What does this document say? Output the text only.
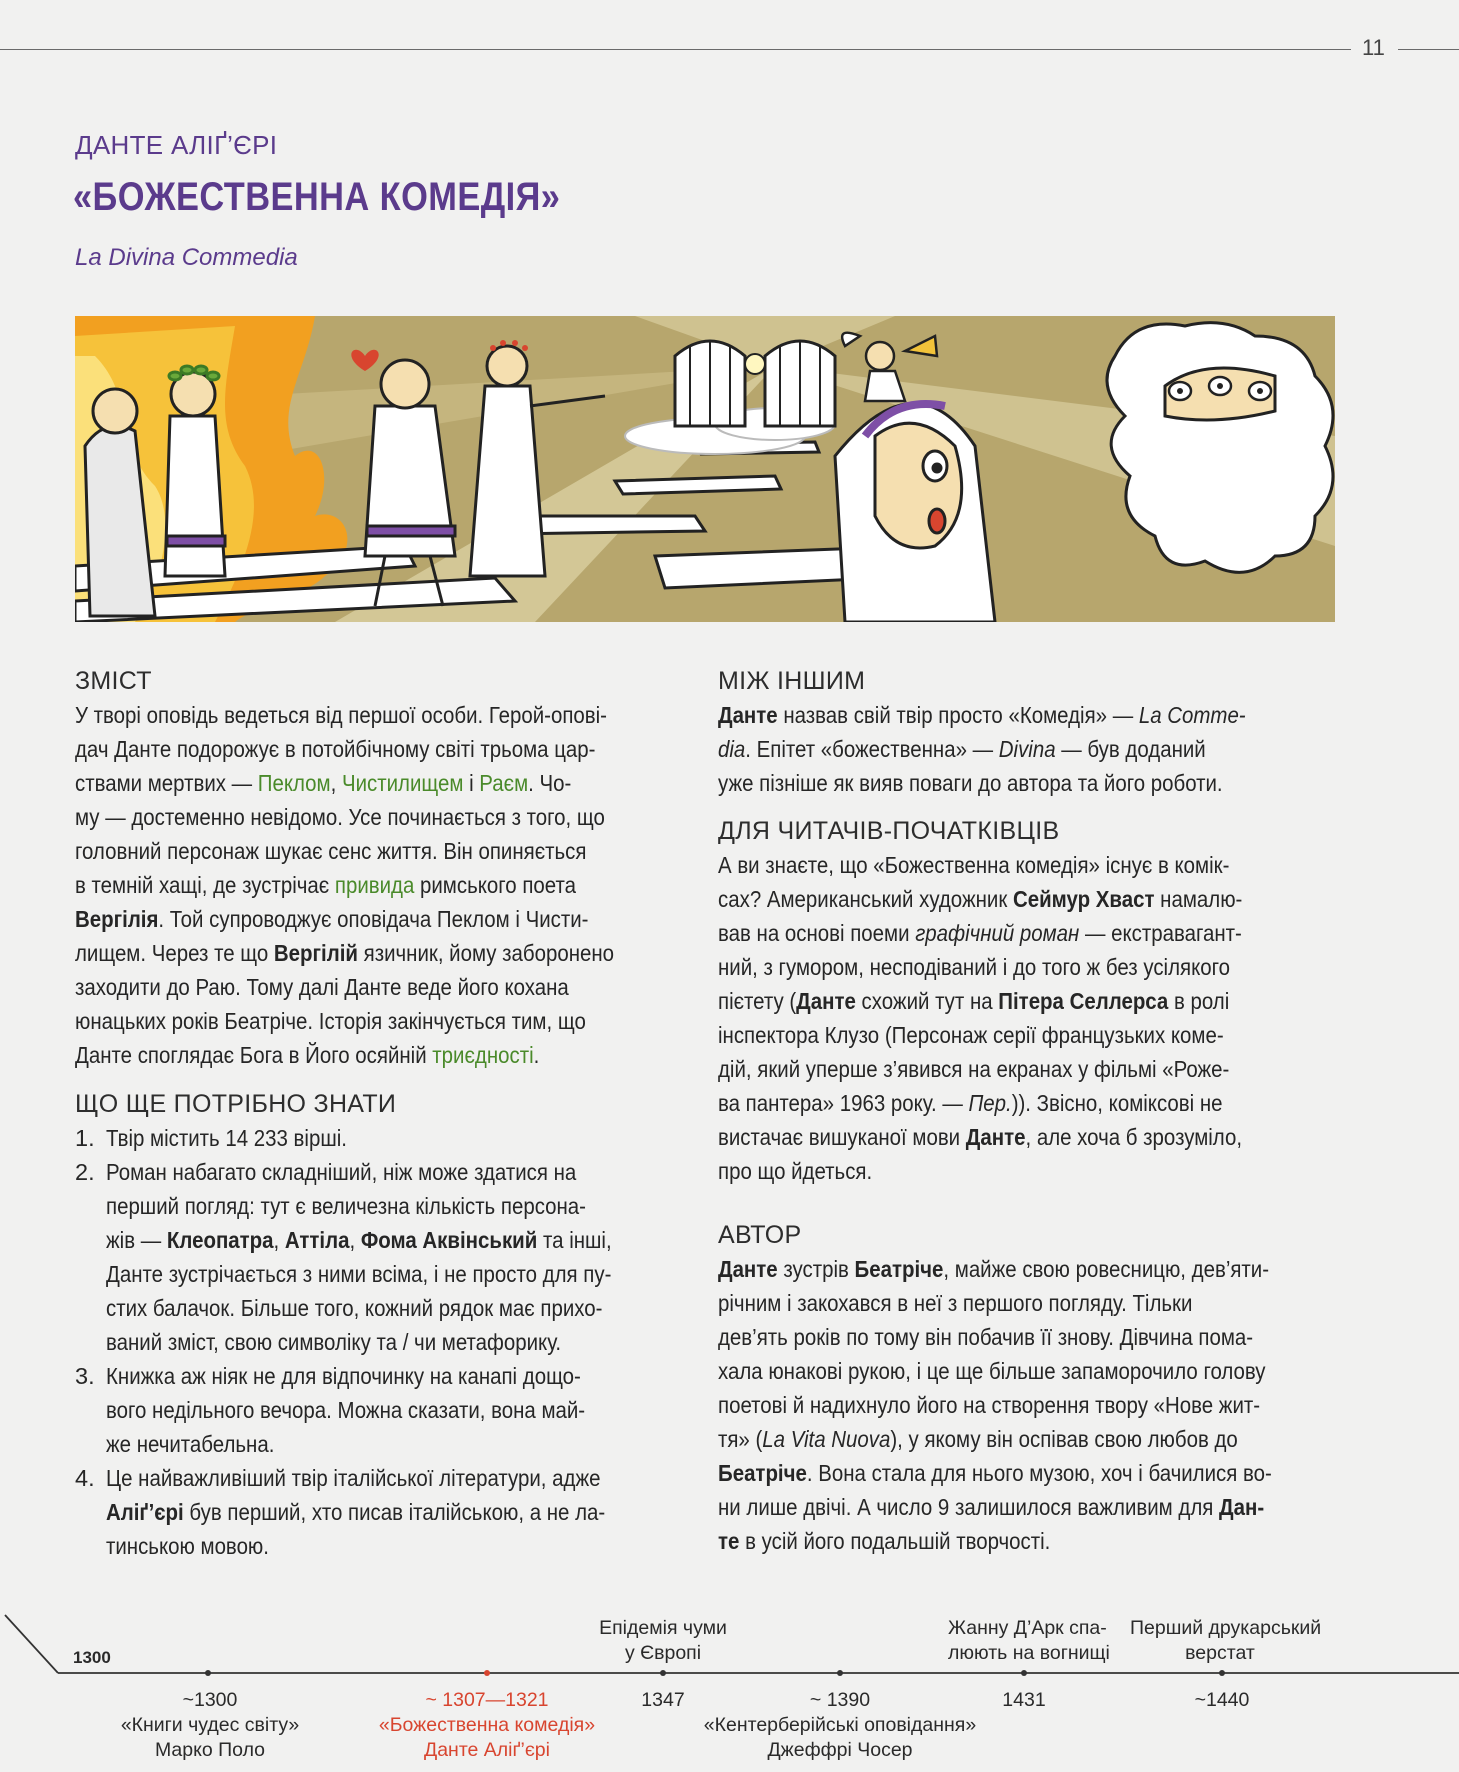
11
ДАНТЕ АЛІҐ’ЄРІ
«БОЖЕСТВЕННА КОМЕДІЯ»
La Divina Commedia
ЗМІСТ
У творі оповідь ведеться від першої особи. Герой-опові-
дач Данте подорожує в потойбічному світі трьома цар-
ствами мертвих — Пеклом, Чистилищем і Раєм. Чо-
му — достеменно невідомо. Усе починається з того, що
головний персонаж шукає сенс життя. Він опиняється
в темній хащі, де зустрічає привида римського поета
Вергілія. Той супроводжує оповідача Пеклом і Чисти-
лищем. Через те що Вергілій язичник, йому заборонено
заходити до Раю. Тому далі Данте веде його кохана
юнацьких років Беатріче. Історія закінчується тим, що
Данте споглядає Бога в Його осяйній триєдності.
ЩО ЩЕ ПОТРІБНО ЗНАТИ
1. Твір містить 14 233 вірші.
2. Роман набагато складніший, ніж може здатися на
перший погляд: тут є величезна кількість персона-
жів — Клеопатра, Аттіла, Фома Аквінський та інші,
Данте зустрічається з ними всіма, і не просто для пу-
стих балачок. Більше того, кожний рядок має прихо-
ваний зміст, свою символіку та / чи метафорику.
3. Книжка аж ніяк не для відпочинку на канапі дощо-
вого недільного вечора. Можна сказати, вона май-
же нечитабельна.
4. Це найважливіший твір італійської літератури, адже
Аліґ’єрі був перший, хто писав італійською, а не ла-
тинською мовою.
МІЖ ІНШИМ
Данте назвав свій твір просто «Комедія» — La Comme-
dia. Епітет «божественна» — Divina — був доданий
уже пізніше як вияв поваги до автора та його роботи.
ДЛЯ ЧИТАЧІВ-ПОЧАТКІВЦІВ
А ви знаєте, що «Божественна комедія» існує в комік-
сах? Американський художник Сеймур Хваст намалю-
вав на основі поеми графічний роман — екстравагант-
ний, з гумором, несподіваний і до того ж без усілякого
пієтету (Данте схожий тут на Пітера Селлерса в ролі
інспектора Клузо (Персонаж серії французьких коме-
дій, який уперше з’явився на екранах у фільмі «Роже-
ва пантера» 1963 року. — Пер.)). Звісно, коміксові не
вистачає вишуканої мови Данте, але хоча б зрозуміло,
про що йдеться.
АВТОР
Данте зустрів Беатріче, майже свою ровесницю, дев’яти-
річним і закохався в неї з першого погляду. Тільки
дев’ять років по тому він побачив її знову. Дівчина пома-
хала юнакові рукою, і це ще більше запаморочило голову
поетові й надихнуло його на створення твору «Нове жит-
тя» (La Vita Nuova), у якому він оспівав свою любов до
Беатріче. Вона стала для нього музою, хоч і бачилися во-
ни лише двічі. А число 9 залишилося важливим для Дан-
те в усій його подальшій творчості.
1300
Епідемія чуми
у Європі
Жанну Д’Арк спа-
люють на вогнищі
Перший друкарський
верстат
~1300
«Книги чудес світу»
Марко Поло
~ 1307—1321
«Божественна комедія»
Данте Аліґ’єрі
1347	~ 1390
«Кентерберійські оповідання»
Джеффрі Чосер
1431	~1440
